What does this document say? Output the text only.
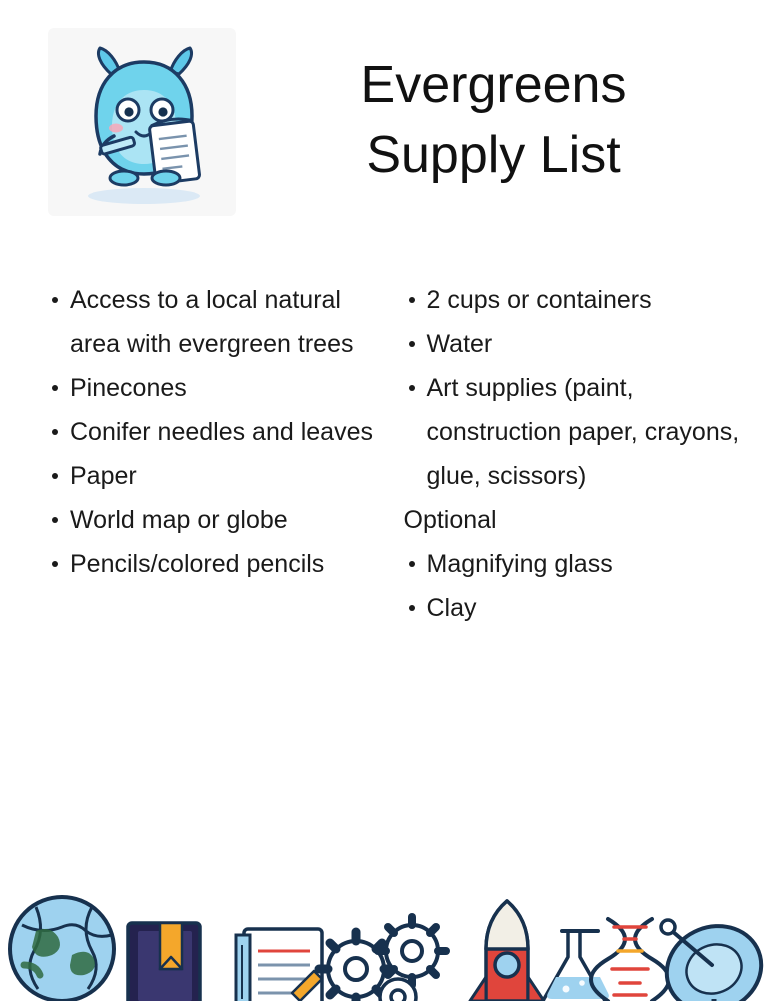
Evergreens
Supply List
Access to a local natural area with evergreen trees
Pinecones
Conifer needles and leaves
Paper
World map or globe
Pencils/colored pencils
2 cups or containers
Water
Art supplies (paint, construction paper, crayons, glue, scissors)
Optional
Magnifying glass
Clay
